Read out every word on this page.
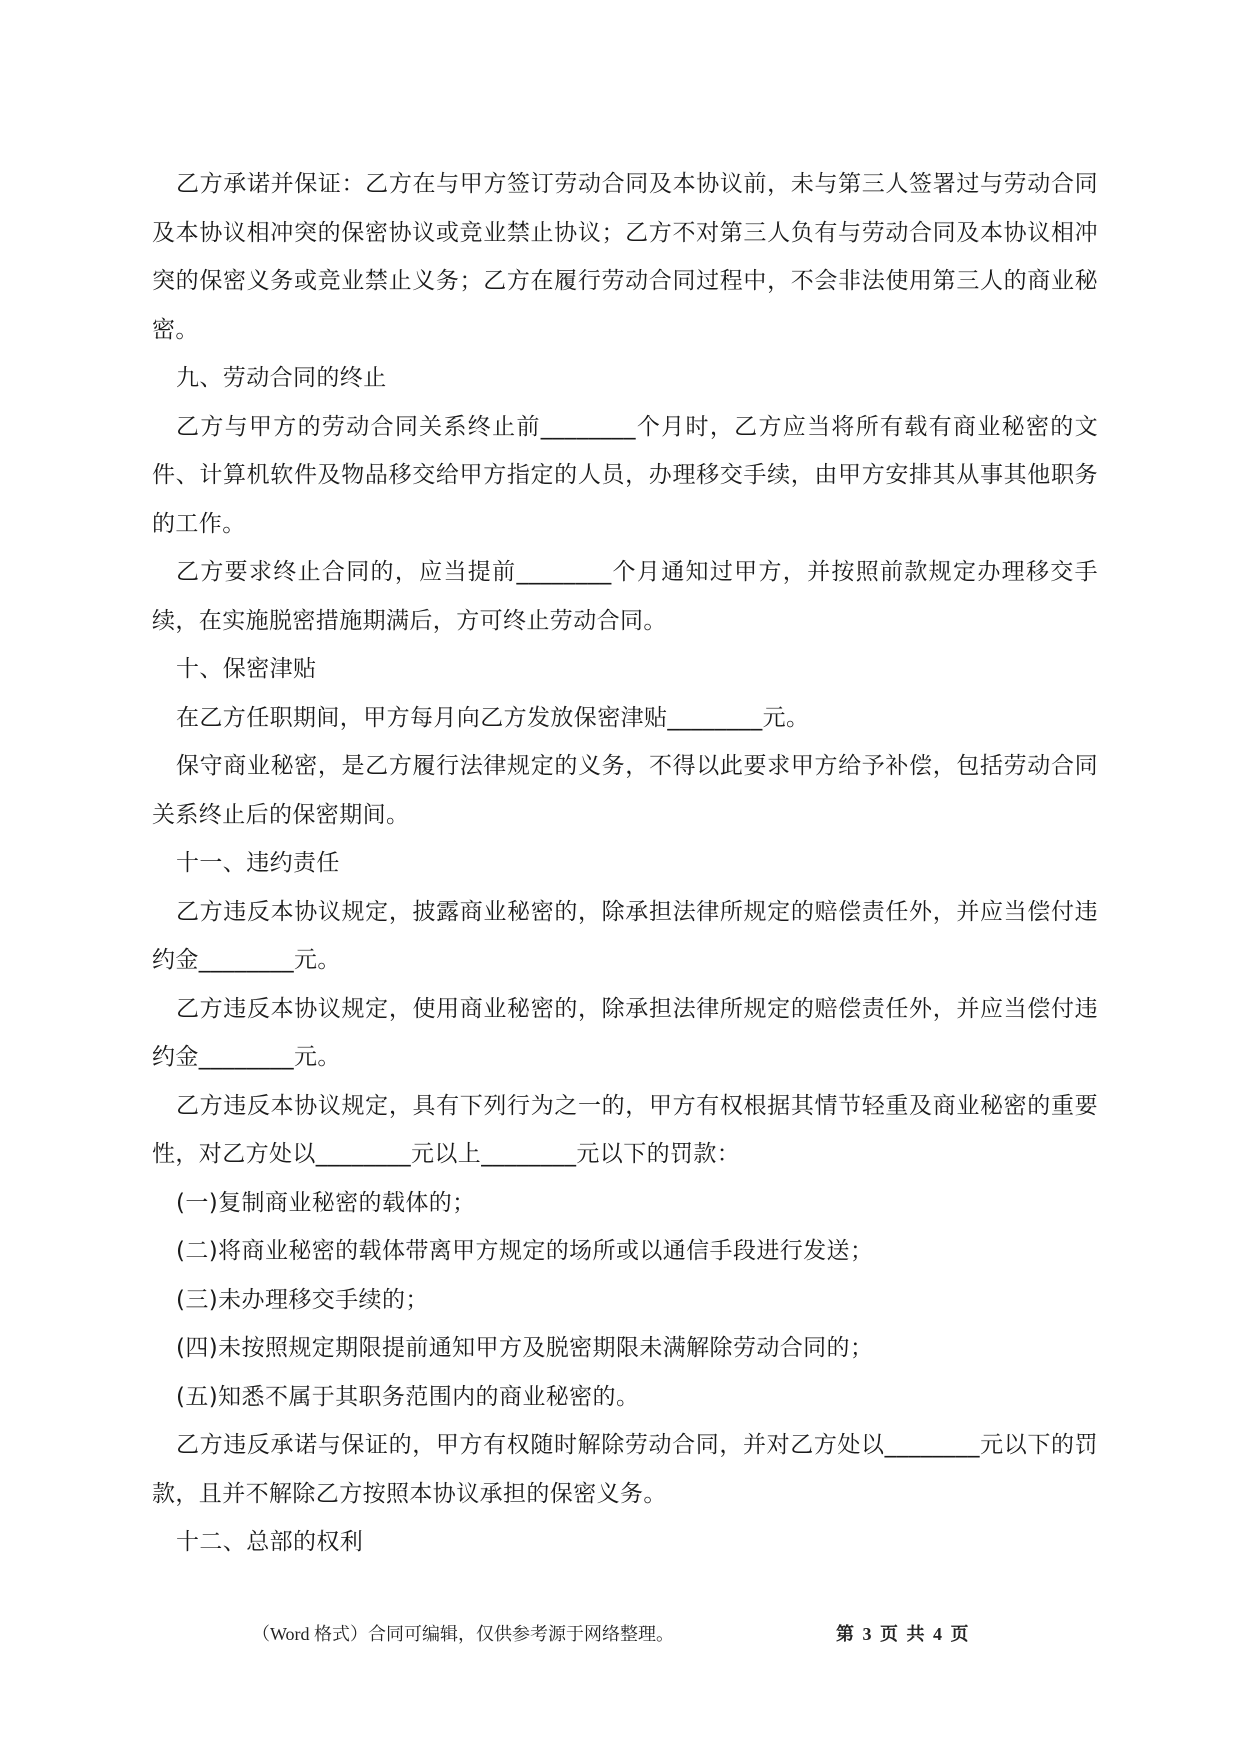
乙方承诺并保证：乙方在与甲方签订劳动合同及本协议前，未与第三人签署过与劳动合同及本协议相冲突的保密协议或竞业禁止协议；乙方不对第三人负有与劳动合同及本协议相冲突的保密义务或竞业禁止义务；乙方在履行劳动合同过程中，不会非法使用第三人的商业秘密。

九、劳动合同的终止

乙方与甲方的劳动合同关系终止前________个月时，乙方应当将所有载有商业秘密的文件、计算机软件及物品移交给甲方指定的人员，办理移交手续，由甲方安排其从事其他职务的工作。

乙方要求终止合同的，应当提前________个月通知过甲方，并按照前款规定办理移交手续，在实施脱密措施期满后，方可终止劳动合同。

十、保密津贴

在乙方任职期间，甲方每月向乙方发放保密津贴________元。

保守商业秘密，是乙方履行法律规定的义务，不得以此要求甲方给予补偿，包括劳动合同关系终止后的保密期间。

十一、违约责任

乙方违反本协议规定，披露商业秘密的，除承担法律所规定的赔偿责任外，并应当偿付违约金________元。

乙方违反本协议规定，使用商业秘密的，除承担法律所规定的赔偿责任外，并应当偿付违约金________元。

乙方违反本协议规定，具有下列行为之一的，甲方有权根据其情节轻重及商业秘密的重要性，对乙方处以________元以上________元以下的罚款：

(一)复制商业秘密的载体的；

(二)将商业秘密的载体带离甲方规定的场所或以通信手段进行发送；

(三)未办理移交手续的；

(四)未按照规定期限提前通知甲方及脱密期限未满解除劳动合同的；

(五)知悉不属于其职务范围内的商业秘密的。

乙方违反承诺与保证的，甲方有权随时解除劳动合同，并对乙方处以________元以下的罚款，且并不解除乙方按照本协议承担的保密义务。

十二、总部的权利

（Word 格式）合同可编辑，仅供参考源于网络整理。	第 3 页 共 4 页
